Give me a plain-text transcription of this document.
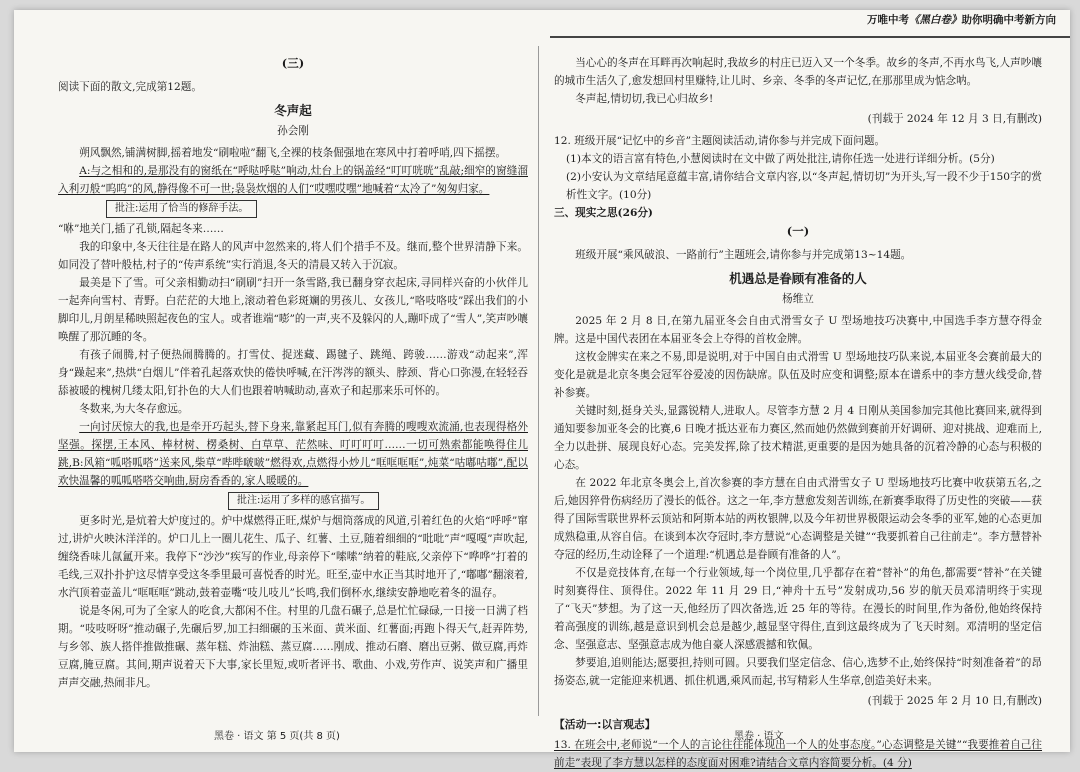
万唯中考《黑白卷》助你明确中考新方向
(三)

阅读下面的散文,完成第12题。

冬声起
孙会刚

朔风飘然,铺满树脚,摇着地发“刷啦啦”翻飞,全裸的枝条倔强地在寒风中打着呼哨,四下摇摆。

A:与之相和的,是那没有的窗纸在“呼哒呼哒”响动,灶台上的锅盖经“叮叮咣咣”乱敲;细窄的窗缝溜入利刃般“呜呜”的风,静得像不可一世;袅袅炊烟的人们“哎嘿哎嘿”地喊着“太冷了”匆匆归家。

批注:运用了恰当的修辞手法。

“咻”地关门,插了孔锁,隔起冬来……

我的印象中,冬天往往是在路人的风声中忽然来的,将人们个措手不及。继而,整个世界清静下来。如同没了替叶般枯,村子的“传声系统”实行消退,冬天的清晨又转入于沉寂。

最美是下了雪。可父亲相勤动扫“刷刷”扫开一条雪路,我已翻身穿衣起床,寻同样兴奋的小伙伴儿一起奔向雪村、青野。白茫茫的大地上,滚动着色彩斑斓的男孩儿、女孩儿,“咯吱咯吱”踩出我们的小脚印儿,月朗星稀映照起夜色的宝人。或者谁端“嘭”的一声,夹不及躲闪的人,蹦吓成了“雪人”,笑声吵嚷唤醒了那沉睡的冬。

有孩子闹腾,村子便热闹腾腾的。打雪仗、捉迷藏、踢毽子、跳绳、跨骏……游戏“动起来”,浑身“躁起来”,热烘“白烟儿”伴着孔起落欢快的倦快呼喊,在汗涔涔的额头、脖颈、背心口弥漫,在轻轻吞舔被暖的槐树几缕太阳,钉扑色的大人们也跟着呐喊助动,喜欢子和起那来乐可怀的。

冬数来,为大冬存愈远。

一向讨厌惊大的我,也是牵开巧起头,替下身来,靠紧起耳门,似有奔腾的嗖嗖欢流涌,也表现得格外坚强。探摆,王本风、棒材树、楞桑树、白草草、茫然味、叮叮叮叮……一切可熟索都能唤得住儿跳,B:风箱“呱嗒呱嗒”送来风,柴草“哔哔啵啵”燃得欢,点燃得小炒儿“哐哐哐哐”,炖菜“咕嘟咕嘟”,配以欢快温馨的呱呱嗒嗒交响曲,厨房香香的,家人暖暖的。

批注:运用了多样的感官描写。

更多时光,是炕着大炉度过的。炉中煤燃得正旺,煤炉与烟筒落成的风道,引着红色的火焰“呼呼”窜过,讲炉火映沐洋洋的。炉口儿上一圈儿花生、瓜子、红薯、土豆,随着细细的“吡吡”声“嘎嘎”声吹起,缠绕香味儿氤氲开来。我停下“沙沙”疾写的作业,母亲停下“嗦嗦”纳着的鞋底,父亲停下“哗哗”打着的毛线,三双扑扑护这尽情享受这冬季里最可喜悦香的时光。旺至,壶中水正当其时地开了,“嘟嘟”翻滚着,水汽顶着壶盖儿“哐哐哐”跳动,鼓着壶嘴“吱儿吱儿”长鸣,我们倒杯水,继续安静地吃着冬的温存。

说是冬闲,可为了全家人的吃食,大都闲不住。村里的几盘石碾子,总是忙忙碌碌,一日接一日满了档期。“吱吱呀呀”推动碾子,先碾后罗,加工扫细碾的玉米面、黄米面、红薯面;再跑卜得天气,赶弄阵势,与乡邻、族人搭伴推做推碾、蒸年糕、炸油糕、蒸豆腐……刚成、推动石磨、磨出豆粥、做豆腐,再炸豆腐,腌豆腐。其间,期声说着天下大事,家长里短,或听者评书、歌曲、小戏,劳作声、说笑声和广播里声声交融,热闹非凡。

当心心的冬声在耳畔再次响起时,我故乡的村庄已迈入又一个冬季。故乡的冬声,不再水鸟飞,人声吵嚷的城市生活久了,愈发想回村里赚特,让儿时、乡亲、冬季的冬声记忆,在那那里成为惦念呐。

冬声起,情切切,我已心归故乡!

(刊载于 2024 年 12 月 3 日,有删改)

12. 班级开展“记忆中的乡音”主题阅读活动,请你参与并完成下面问题。

(1)本文的语言富有特色,小慧阅读时在文中做了两处批注,请你任选一处进行详细分析。(5分)

(2)小安认为文章结尾意蕴丰富,请你结合文章内容,以“冬声起,情切切”为开头,写一段不少于150字的赏析性文字。(10分)

三、现实之思(26分)

(一)

班级开展“乘风破浪、一路前行”主题班会,请你参与并完成第13~14题。

机遇总是眷顾有准备的人
杨维立

2025 年 2 月 8 日,在第九届亚冬会自由式滑雪女子 U 型场地技巧决赛中,中国选手李方慧夺得金牌。这是中国代表团在本届亚冬会上夺得的首枚金牌。

这枚金牌实在来之不易,即是说明,对于中国自由式滑雪 U 型场地技巧队来说,本届亚冬会赛前最大的变化是就是北京冬奥会冠军谷爱凌的因伤缺席。队伍及时应变和调整;原本在谱系中的李方慧火线受命,替补参赛。

关键时刻,挺身关头,显露锐精人,进取人。尽管李方慧 2 月 4 日刚从美国参加完其他比赛回来,就得到通知要参加亚冬会的比赛,6 日晚才抵达亚布力赛区,然而她仍然做到赛前开好调研、迎对挑战、迎难而上,全力以赴拼、展现良好心态。完美发挥,除了技术精湛,更重要的是因为她具备的沉着冷静的心态与积极的心态。

在 2022 年北京冬奥会上,首次参赛的李方慧在自由式滑雪女子 U 型场地技巧比赛中收获第五名,之后,她因猝骨伤病经历了漫长的低谷。这之一年,李方慧愈发刻苦训练,在新赛季取得了历史性的突破——获得了国际雪联世界杯云顶站和阿斯本站的两枚银牌,以及今年初世界极限运动会冬季的亚军,她的心态更加成熟稳重,从容自信。在谈到本次夺冠时,李方慧说“心态调整是关键”“我要抓着自己往前走”。李方慧替补夺冠的经历,生动诠释了一个道理:“机遇总是眷顾有准备的人”。

不仅是竞技体育,在每一个行业领域,每一个岗位里,几乎都存在着“替补”的角色,都需要“替补”在关键时刻赛得住、顶得住。2022 年 11 月 29 日,“神舟十五号”发射成功,56 岁的航天员邓清明终于实现了“飞天”梦想。为了这一天,他经历了四次备选,近 25 年的等待。在漫长的时间里,作为备份,他始终保持着高强度的训练,越是意识到机会总是越少,越显坚守得住,直到这最终成为了飞天时刻。邓清明的坚定信念、坚强意志、坚强意志成为他自豪人深感震撼和钦佩。

梦要追,追则能达;愿要担,持则可圆。只要我们坚定信念、信心,选梦不止,始终保持“时刻准备着”的昂扬姿态,就一定能迎来机遇、抓住机遇,乘风而起,书写精彩人生华章,创造美好未来。

(刊载于 2025 年 2 月 10 日,有删改)
【活动一:以言观志】

13. 在班会中,老师说“一个人的言论往往能体现出一个人的处事态度。”心态调整是关键”“我要推着自己往前走”表现了李方慧以怎样的态度面对困难?请结合文章内容简要分析。(4 分)

黑卷 · 语文 第 5 页(共 8 页)	黑卷 · 语文
